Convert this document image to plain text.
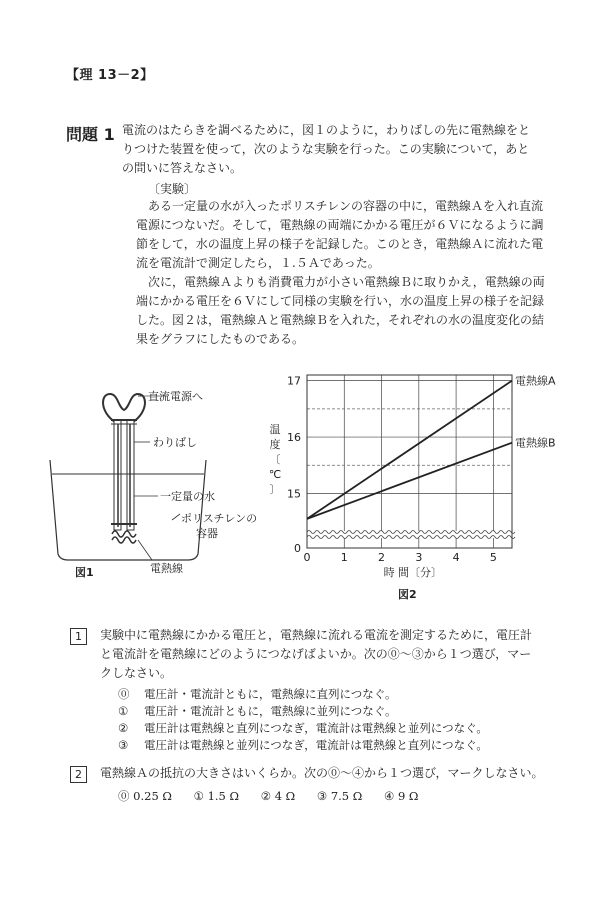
【理 13－2】
問題 1 電流のはたらきを調べるために，図１のように，わりばしの先に電熱線をと

りつけた装置を使って，次のような実験を行った。この実験について，あと

の問いに答えなさい。

〔実験〕

ある一定量の水が入ったポリスチレンの容器の中に，電熱線Ａを入れ直流電源につないだ。そして，電熱線の両端にかかる電圧が６Ｖになるように調節をして，水の温度上昇の様子を記録した。このとき，電熱線Ａに流れた電流を電流計で測定したら，１.５Ａであった。

次に，電熱線Ａよりも消費電力が小さい電熱線Ｂに取りかえ，電熱線の両端にかかる電圧を６Ｖにして同様の実験を行い，水の温度上昇の様子を記録した。図２は，電熱線Ａと電熱線Ｂを入れた，それぞれの水の温度変化の結果をグラフにしたものである。

直流電源へ
わりばし
一定量の水
ポリスチレンの
容器
電熱線
図1
電熱線A
電熱線B
0	1	2	3	4	5
0
15
16
17
時 間〔分〕
温
度
〔
℃
〕
図2
1	実験中に電熱線にかかる電圧と，電熱線に流れる電流を測定するために，電圧計

と電流計を電熱線にどのようにつなげばよいか。次の⓪～③から１つ選び，マー

クしなさい。

⓪ 電圧計・電流計ともに，電熱線に直列につなぐ。
① 電圧計・電流計ともに，電熱線に並列につなぐ。
② 電圧計は電熱線と直列につなぎ，電流計は電熱線と並列につなぐ。
③ 電圧計は電熱線と並列につなぎ，電流計は電熱線と直列につなぐ。
2	電熱線Ａの抵抗の大きさはいくらか。次の⓪～④から１つ選び，マークしなさい。
⓪ 0.25 Ω ① 1.5 Ω ② 4 Ω ③ 7.5 Ω ④ 9 Ω
